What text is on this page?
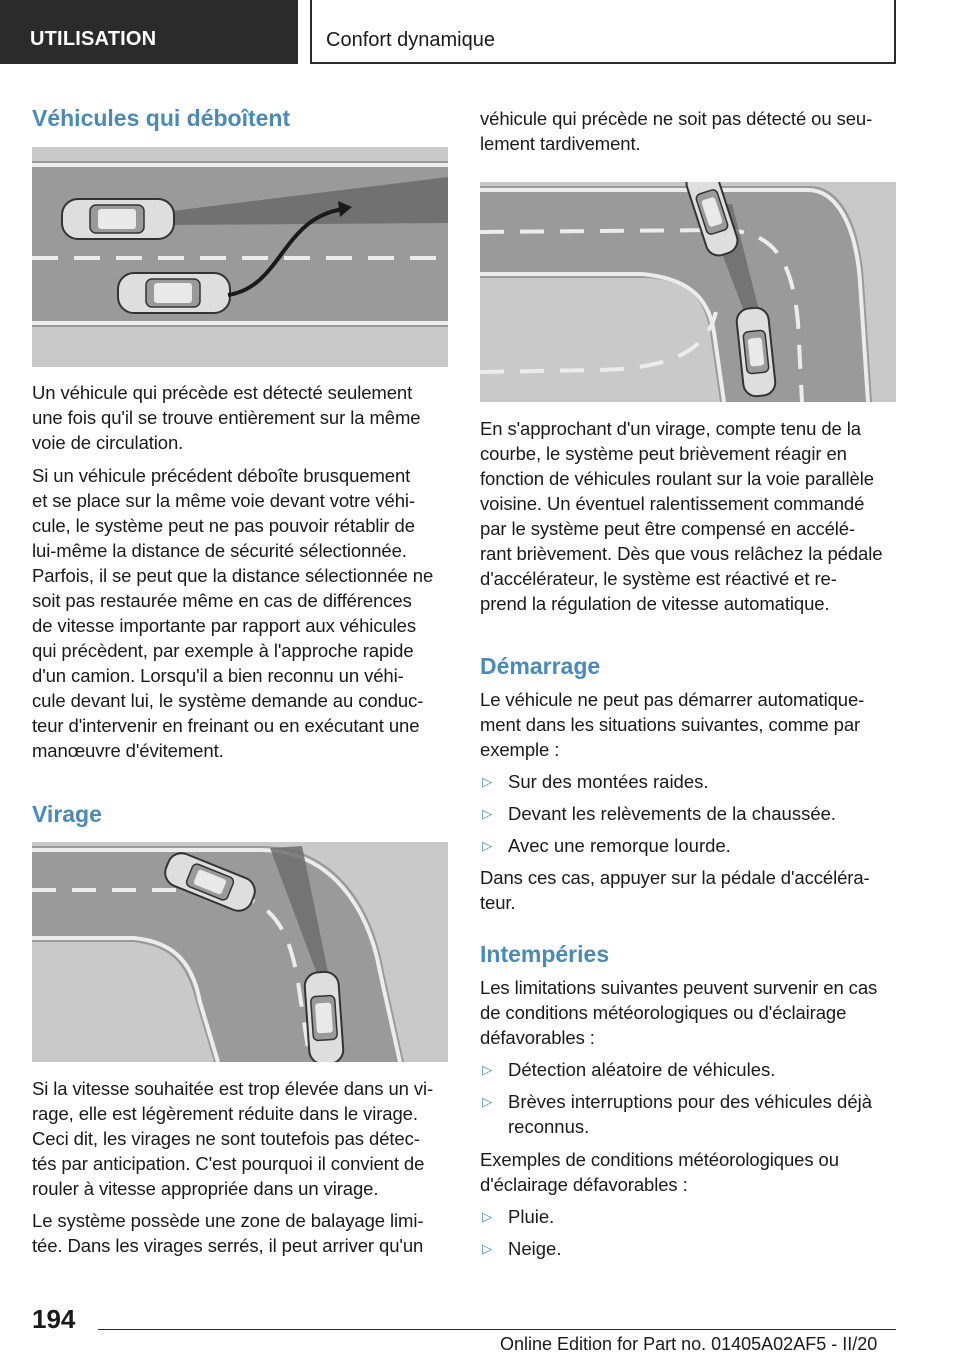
UTILISATION	Confort dynamique
Véhicules qui déboîtent

Un véhicule qui précède est détecté seulement
une fois qu'il se trouve entièrement sur la même
voie de circulation.

Si un véhicule précédent déboîte brusquement
et se place sur la même voie devant votre véhi-
cule, le système peut ne pas pouvoir rétablir de
lui-même la distance de sécurité sélectionnée.
Parfois, il se peut que la distance sélectionnée ne
soit pas restaurée même en cas de différences
de vitesse importante par rapport aux véhicules
qui précèdent, par exemple à l'approche rapide
d'un camion. Lorsqu'il a bien reconnu un véhi-
cule devant lui, le système demande au conduc-
teur d'intervenir en freinant ou en exécutant une
manœuvre d'évitement.

Virage

Si la vitesse souhaitée est trop élevée dans un vi-
rage, elle est légèrement réduite dans le virage.
Ceci dit, les virages ne sont toutefois pas détec-
tés par anticipation. C'est pourquoi il convient de
rouler à vitesse appropriée dans un virage.

Le système possède une zone de balayage limi-
tée. Dans les virages serrés, il peut arriver qu'un

véhicule qui précède ne soit pas détecté ou seu-
lement tardivement.

En s'approchant d'un virage, compte tenu de la
courbe, le système peut brièvement réagir en
fonction de véhicules roulant sur la voie parallèle
voisine. Un éventuel ralentissement commandé
par le système peut être compensé en accélé-
rant brièvement. Dès que vous relâchez la pédale
d'accélérateur, le système est réactivé et re-
prend la régulation de vitesse automatique.

Démarrage

Le véhicule ne peut pas démarrer automatique-
ment dans les situations suivantes, comme par
exemple :

▷ Sur des montées raides.
▷ Devant les relèvements de la chaussée.
▷ Avec une remorque lourde.

Dans ces cas, appuyer sur la pédale d'accéléra-
teur.

Intempéries

Les limitations suivantes peuvent survenir en cas
de conditions météorologiques ou d'éclairage
défavorables :

▷ Détection aléatoire de véhicules.
▷ Brèves interruptions pour des véhicules déjà
reconnus.

Exemples de conditions météorologiques ou
d'éclairage défavorables :

▷ Pluie.
▷ Neige.
194
Online Edition for Part no. 01405A02AF5 - II/20
